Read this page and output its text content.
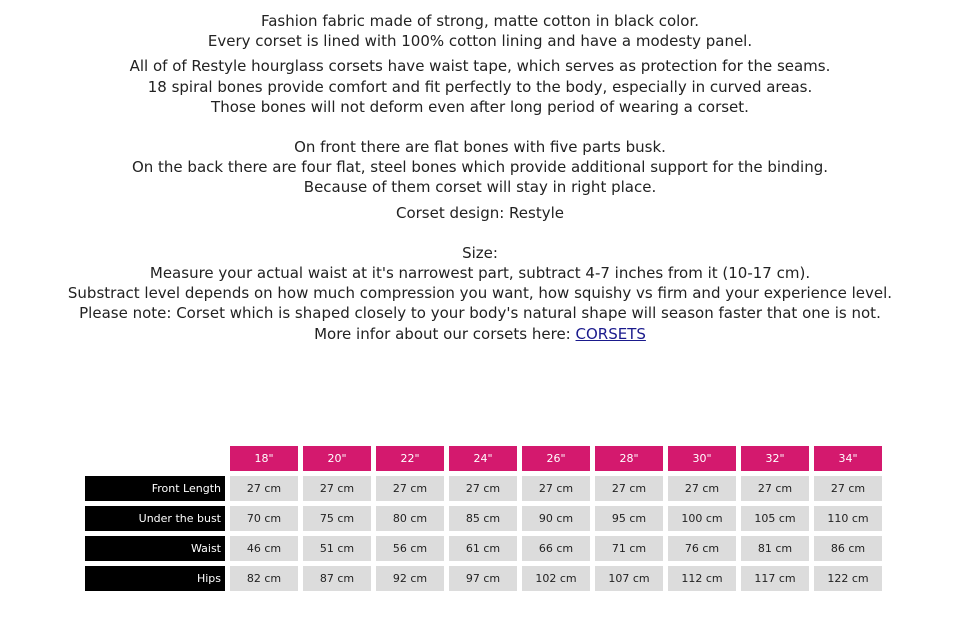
Fashion fabric made of strong, matte cotton in black color.

Every corset is lined with 100% cotton lining and have a modesty panel.

All of of Restyle hourglass corsets have waist tape, which serves as protection for the seams.

18 spiral bones provide comfort and fit perfectly to the body, especially in curved areas.

Those bones will not deform even after long period of wearing a corset.

On front there are flat bones with five parts busk.

On the back there are four flat, steel bones which provide additional support for the binding.

Because of them corset will stay in right place.

Corset design: Restyle

Size:

Measure your actual waist at it's narrowest part, subtract 4-7 inches from it (10-17 cm).

Substract level depends on how much compression you want, how squishy vs firm and your experience level.

Please note: Corset which is shaped closely to your body's natural shape will season faster that one is not.

More infor about our corsets here: CORSETS

	18"	20"	22"	24"	26"	28"	30"	32"	34"
Front Length	27 cm	27 cm	27 cm	27 cm	27 cm	27 cm	27 cm	27 cm	27 cm
Under the bust	70 cm	75 cm	80 cm	85 cm	90 cm	95 cm	100 cm	105 cm	110 cm
Waist	46 cm	51 cm	56 cm	61 cm	66 cm	71 cm	76 cm	81 cm	86 cm
Hips	82 cm	87 cm	92 cm	97 cm	102 cm	107 cm	112 cm	117 cm	122 cm
